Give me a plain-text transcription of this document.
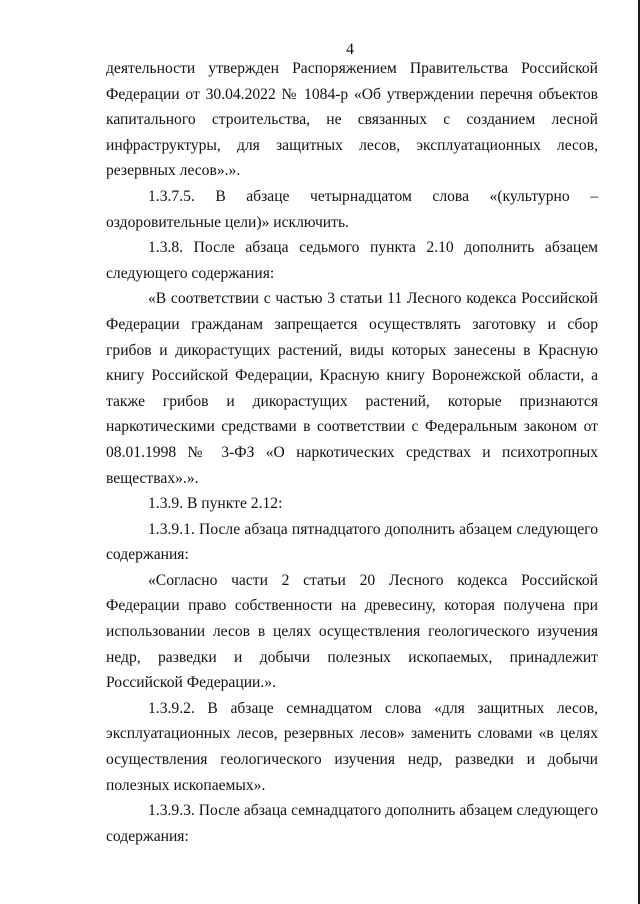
4

деятельности утвержден Распоряжением Правительства Российской Федерации от 30.04.2022 № 1084-р «Об утверждении перечня объектов капитального строительства, не связанных с созданием лесной инфраструктуры, для защитных лесов, эксплуатационных лесов, резервных лесов».».

1.3.7.5. В абзаце четырнадцатом слова «(культурно – оздоровительные цели)» исключить.

1.3.8. После абзаца седьмого пункта 2.10 дополнить абзацем следующего содержания:

«В соответствии с частью 3 статьи 11 Лесного кодекса Российской Федерации гражданам запрещается осуществлять заготовку и сбор грибов и дикорастущих растений, виды которых занесены в Красную книгу Российской Федерации, Красную книгу Воронежской области, а также грибов и дикорастущих растений, которые признаются наркотическими средствами в соответствии с Федеральным законом от 08.01.1998 № 3-ФЗ «О наркотических средствах и психотропных веществах».».

1.3.9. В пункте 2.12:

1.3.9.1. После абзаца пятнадцатого дополнить абзацем следующего содержания:

«Согласно части 2 статьи 20 Лесного кодекса Российской Федерации право собственности на древесину, которая получена при использовании лесов в целях осуществления геологического изучения недр, разведки и добычи полезных ископаемых, принадлежит Российской Федерации.».

1.3.9.2. В абзаце семнадцатом слова «для защитных лесов, эксплуатационных лесов, резервных лесов» заменить словами «в целях осуществления геологического изучения недр, разведки и добычи полезных ископаемых».

1.3.9.3. После абзаца семнадцатого дополнить абзацем следующего содержания:
